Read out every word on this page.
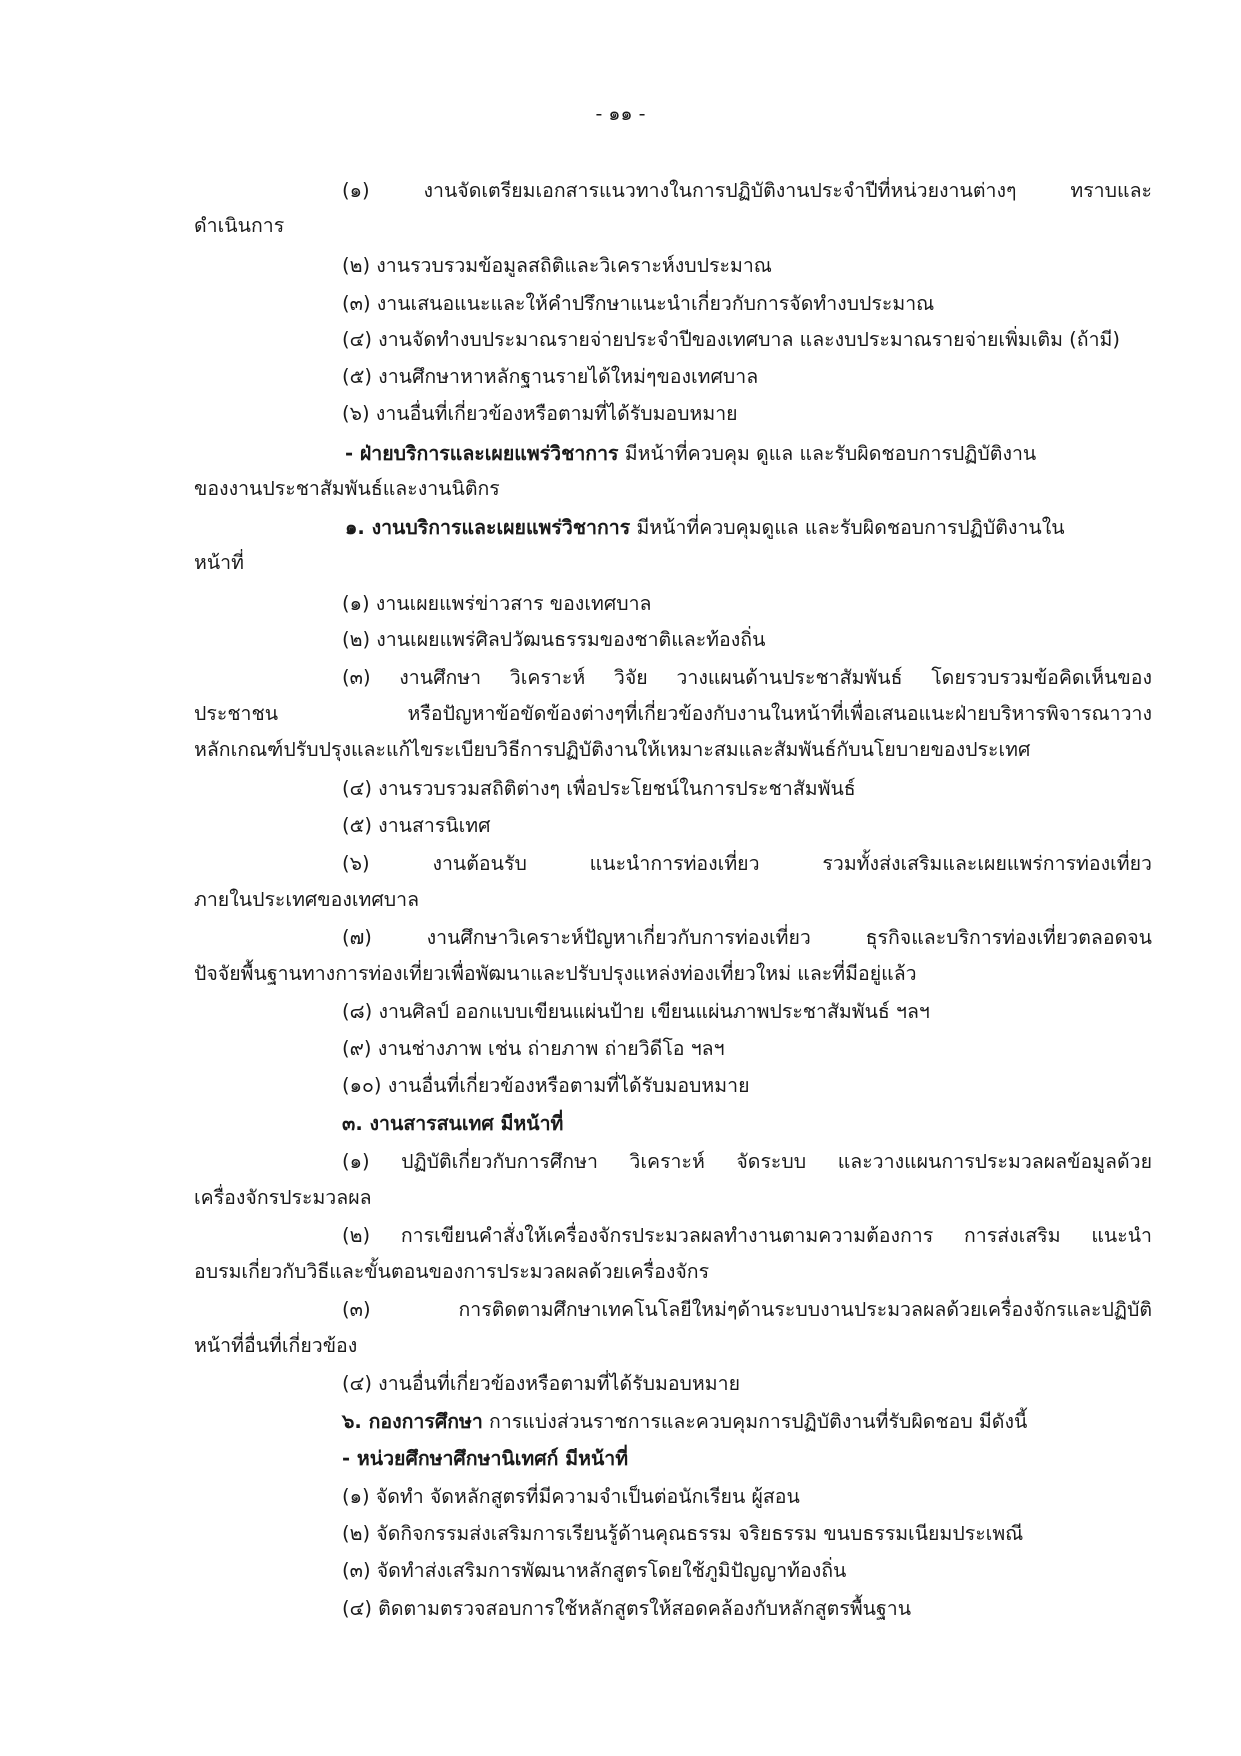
- ๑๑ -
(๑) งานจัดเตรียมเอกสารแนวทางในการปฏิบัติงานประจำปีที่หน่วยงานต่างๆ ทราบและ
ดำเนินการ
(๒) งานรวบรวมข้อมูลสถิติและวิเคราะห์งบประมาณ
(๓) งานเสนอแนะและให้คำปรึกษาแนะนำเกี่ยวกับการจัดทำงบประมาณ
(๔) งานจัดทำงบประมาณรายจ่ายประจำปีของเทศบาล และงบประมาณรายจ่ายเพิ่มเติม (ถ้ามี)
(๕) งานศึกษาหาหลักฐานรายได้ใหม่ๆของเทศบาล
(๖) งานอื่นที่เกี่ยวข้องหรือตามที่ได้รับมอบหมาย
- ฝ่ายบริการและเผยแพร่วิชาการ มีหน้าที่ควบคุม ดูแล และรับผิดชอบการปฏิบัติงาน
ของงานประชาสัมพันธ์และงานนิติกร
๑. งานบริการและเผยแพร่วิชาการ มีหน้าที่ควบคุมดูแล และรับผิดชอบการปฏิบัติงานใน
หน้าที่
(๑) งานเผยแพร่ข่าวสาร ของเทศบาล
(๒) งานเผยแพร่ศิลปวัฒนธรรมของชาติและท้องถิ่น
(๓) งานศึกษา วิเคราะห์ วิจัย วางแผนด้านประชาสัมพันธ์ โดยรวบรวมข้อคิดเห็นของ
ประชาชน หรือปัญหาข้อขัดข้องต่างๆที่เกี่ยวข้องกับงานในหน้าที่เพื่อเสนอแนะฝ่ายบริหารพิจารณาวาง
หลักเกณฑ์ปรับปรุงและแก้ไขระเบียบวิธีการปฏิบัติงานให้เหมาะสมและสัมพันธ์กับนโยบายของประเทศ
(๔) งานรวบรวมสถิติต่างๆ เพื่อประโยชน์ในการประชาสัมพันธ์
(๕) งานสารนิเทศ
(๖) งานต้อนรับ แนะนำการท่องเที่ยว รวมทั้งส่งเสริมและเผยแพร่การท่องเที่ยว
ภายในประเทศของเทศบาล
(๗) งานศึกษาวิเคราะห์ปัญหาเกี่ยวกับการท่องเที่ยว ธุรกิจและบริการท่องเที่ยวตลอดจน
ปัจจัยพื้นฐานทางการท่องเที่ยวเพื่อพัฒนาและปรับปรุงแหล่งท่องเที่ยวใหม่ และที่มีอยู่แล้ว
(๘) งานศิลป์ ออกแบบเขียนแผ่นป้าย เขียนแผ่นภาพประชาสัมพันธ์ ฯลฯ
(๙) งานช่างภาพ เช่น ถ่ายภาพ ถ่ายวิดีโอ ฯลฯ
(๑๐) งานอื่นที่เกี่ยวข้องหรือตามที่ได้รับมอบหมาย
๓. งานสารสนเทศ มีหน้าที่
(๑) ปฏิบัติเกี่ยวกับการศึกษา วิเคราะห์ จัดระบบ และวางแผนการประมวลผลข้อมูลด้วย
เครื่องจักรประมวลผล
(๒) การเขียนคำสั่งให้เครื่องจักรประมวลผลทำงานตามความต้องการ การส่งเสริม แนะนำ
อบรมเกี่ยวกับวิธีและขั้นตอนของการประมวลผลด้วยเครื่องจักร
(๓) การติดตามศึกษาเทคโนโลยีใหม่ๆด้านระบบงานประมวลผลด้วยเครื่องจักรและปฏิบัติ
หน้าที่อื่นที่เกี่ยวข้อง
(๔) งานอื่นที่เกี่ยวข้องหรือตามที่ได้รับมอบหมาย
๖. กองการศึกษา การแบ่งส่วนราชการและควบคุมการปฏิบัติงานที่รับผิดชอบ มีดังนี้
- หน่วยศึกษาศึกษานิเทศก์ มีหน้าที่
(๑) จัดทำ จัดหลักสูตรที่มีความจำเป็นต่อนักเรียน ผู้สอน
(๒) จัดกิจกรรมส่งเสริมการเรียนรู้ด้านคุณธรรม จริยธรรม ขนบธรรมเนียมประเพณี
(๓) จัดทำส่งเสริมการพัฒนาหลักสูตรโดยใช้ภูมิปัญญาท้องถิ่น
(๔) ติดตามตรวจสอบการใช้หลักสูตรให้สอดคล้องกับหลักสูตรพื้นฐาน
